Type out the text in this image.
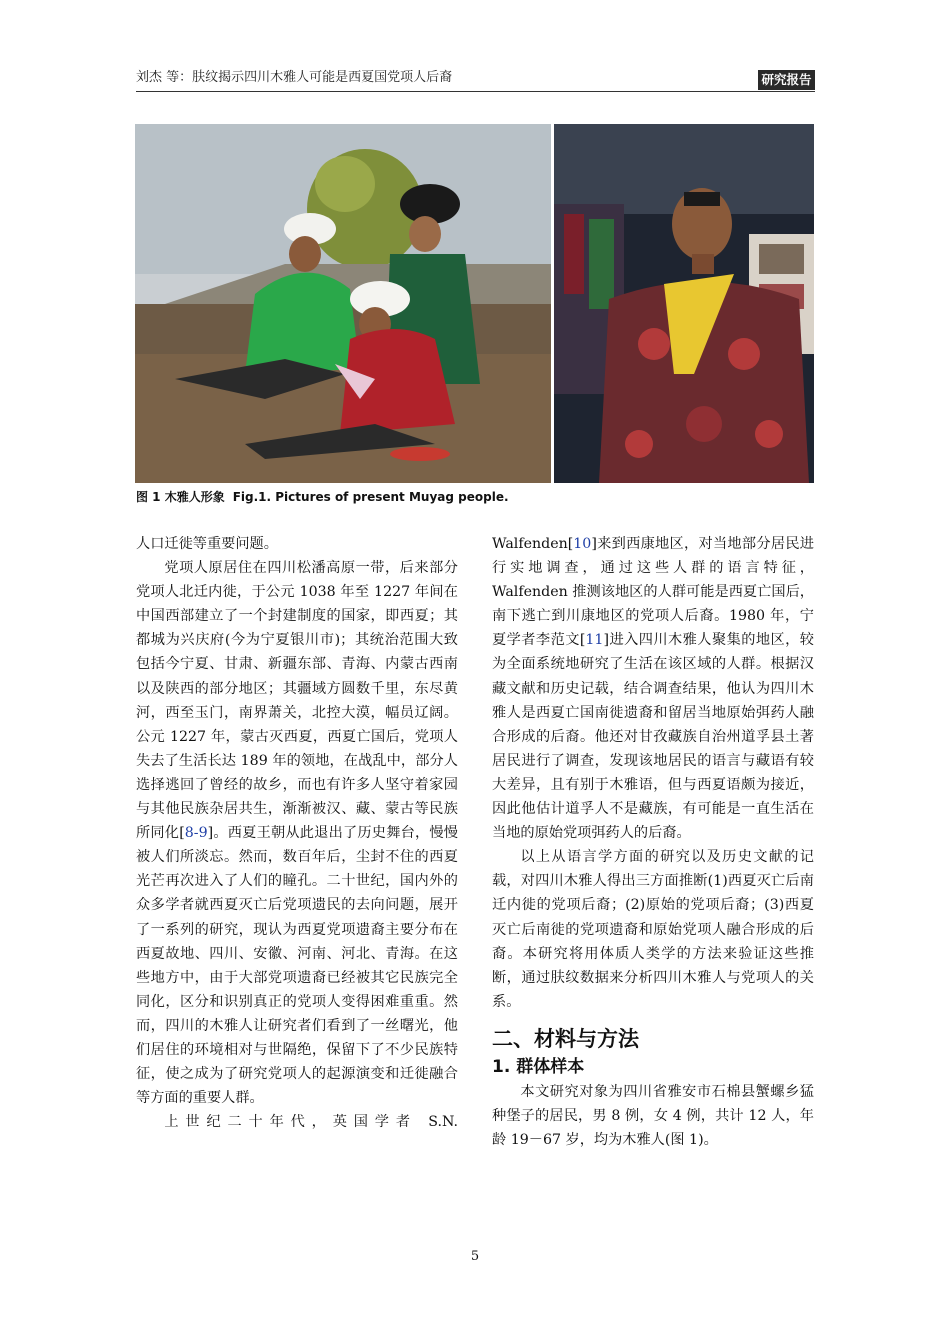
刘杰 等：肤纹揭示四川木雅人可能是西夏国党项人后裔	研究报告
图 1 木雅人形象 Fig.1. Pictures of present Muyag people.

人口迁徙等重要问题。

党项人原居住在四川松潘高原一带，后来部分党项人北迁内徙，于公元 1038 年至 1227 年间在中国西部建立了一个封建制度的国家，即西夏；其都城为兴庆府(今为宁夏银川市)；其统治范围大致包括今宁夏、甘肃、新疆东部、青海、内蒙古西南以及陕西的部分地区；其疆域方圆数千里，东尽黄河，西至玉门，南界萧关，北控大漠，幅员辽阔。公元 1227 年，蒙古灭西夏，西夏亡国后，党项人失去了生活长达 189 年的领地，在战乱中，部分人选择逃回了曾经的故乡，而也有许多人坚守着家园与其他民族杂居共生，渐渐被汉、藏、蒙古等民族所同化[8-9]。西夏王朝从此退出了历史舞台，慢慢被人们所淡忘。然而，数百年后，尘封不住的西夏光芒再次进入了人们的瞳孔。二十世纪，国内外的众多学者就西夏灭亡后党项遗民的去向问题，展开了一系列的研究，现认为西夏党项遗裔主要分布在西夏故地、四川、安徽、河南、河北、青海。在这些地方中，由于大部党项遗裔已经被其它民族完全同化，区分和识别真正的党项人变得困难重重。然而，四川的木雅人让研究者们看到了一丝曙光，他们居住的环境相对与世隔绝，保留下了不少民族特征，使之成为了研究党项人的起源演变和迁徙融合等方面的重要人群。

上世纪二十年代，英国学者 S.N.

Walfenden[10]来到西康地区，对当地部分居民进行实地调查，通过这些人群的语言特征，Walfenden 推测该地区的人群可能是西夏亡国后，南下逃亡到川康地区的党项人后裔。1980 年，宁夏学者李范文[11]进入四川木雅人聚集的地区，较为全面系统地研究了生活在该区域的人群。根据汉藏文献和历史记载，结合调查结果，他认为四川木雅人是西夏亡国南徙遗裔和留居当地原始弭药人融合形成的后裔。他还对甘孜藏族自治州道孚县土著居民进行了调查，发现该地居民的语言与藏语有较大差异，且有别于木雅语，但与西夏语颇为接近，因此他估计道孚人不是藏族，有可能是一直生活在当地的原始党项弭药人的后裔。

以上从语言学方面的研究以及历史文献的记载，对四川木雅人得出三方面推断(1)西夏灭亡后南迁内徙的党项后裔；(2)原始的党项后裔；(3)西夏灭亡后南徙的党项遗裔和原始党项人融合形成的后裔。本研究将用体质人类学的方法来验证这些推断，通过肤纹数据来分析四川木雅人与党项人的关系。

二、材料与方法
1. 群体样本

本文研究对象为四川省雅安市石棉县蟹螺乡猛种堡子的居民，男 8 例，女 4 例，共计 12 人，年龄 19－67 岁，均为木雅人(图 1)。

5
